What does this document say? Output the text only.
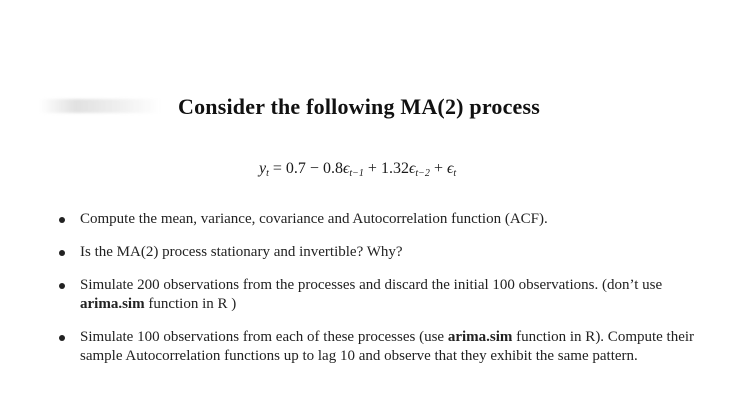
Consider the following MA(2) process
$y_t = 0.7 - 0.8\epsilon_{t-1} + 1.32\epsilon_{t-2} + \epsilon_t$
Compute the mean, variance, covariance and Autocorrelation function (ACF).
Is the MA(2) process stationary and invertible? Why?
Simulate 200 observations from the processes and discard the initial 100 observations. (don’t use arima.sim function in R )
Simulate 100 observations from each of these processes (use arima.sim function in R). Compute their sample Autocorrelation functions up to lag 10 and observe that they exhibit the same pattern.
